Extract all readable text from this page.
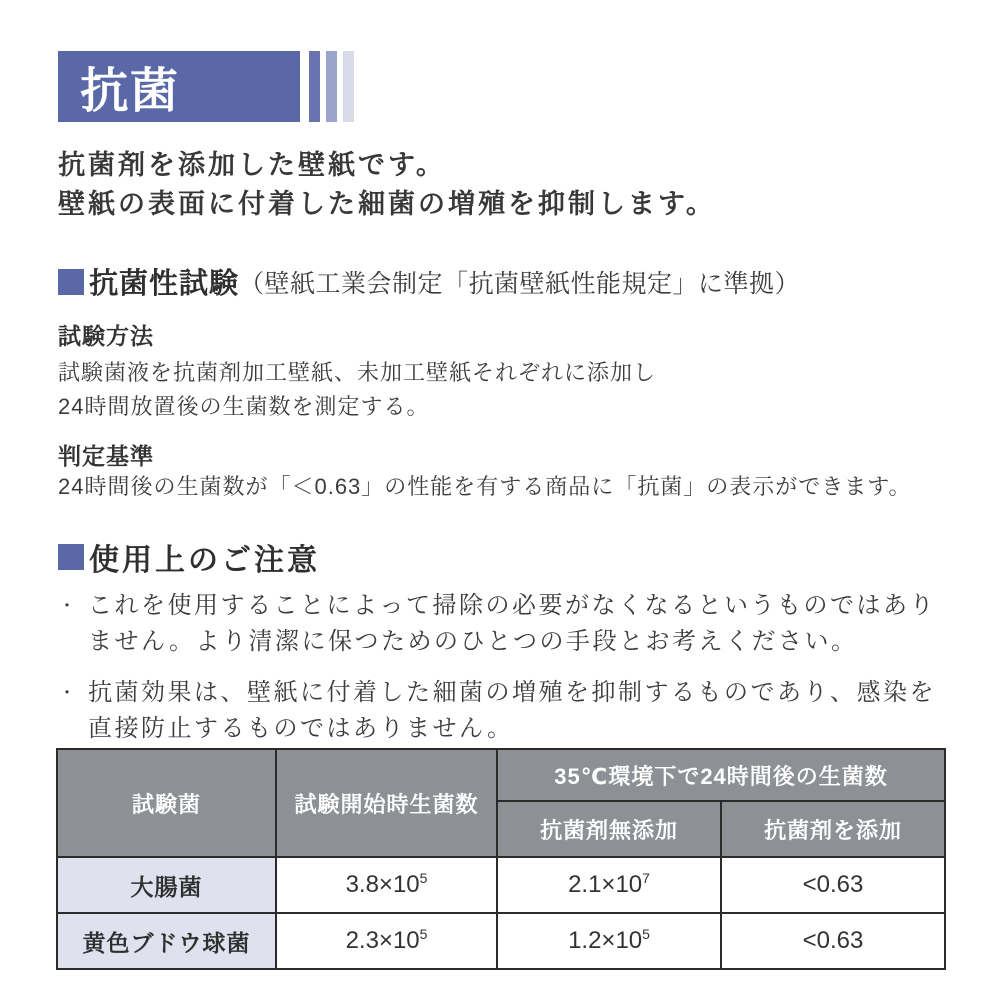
抗菌
抗菌剤を添加した壁紙です。
壁紙の表面に付着した細菌の増殖を抑制します。
抗菌性試験 （壁紙工業会制定「抗菌壁紙性能規定」に準拠）
試験方法
試験菌液を抗菌剤加工壁紙、未加工壁紙それぞれに添加し
24時間放置後の生菌数を測定する。
判定基準
24時間後の生菌数が「＜0.63」の性能を有する商品に「抗菌」の表示ができます。
使用上のご注意
・ これを使用することによって掃除の必要がなくなるというものではありません。より清潔に保つためのひとつの手段とお考えください。
・ 抗菌効果は、壁紙に付着した細菌の増殖を抑制するものであり、感染を直接防止するものではありません。
試験菌	試験開始時生菌数	35℃環境下で24時間後の生菌数	
		抗菌剤無添加	抗菌剤を添加
大腸菌	$3.8\times 10^5$	$2.1\times 10^7$	<0.63
黄色ブドウ球菌	$2.3\times 10^5$	$1.2\times 10^5$	<0.63
